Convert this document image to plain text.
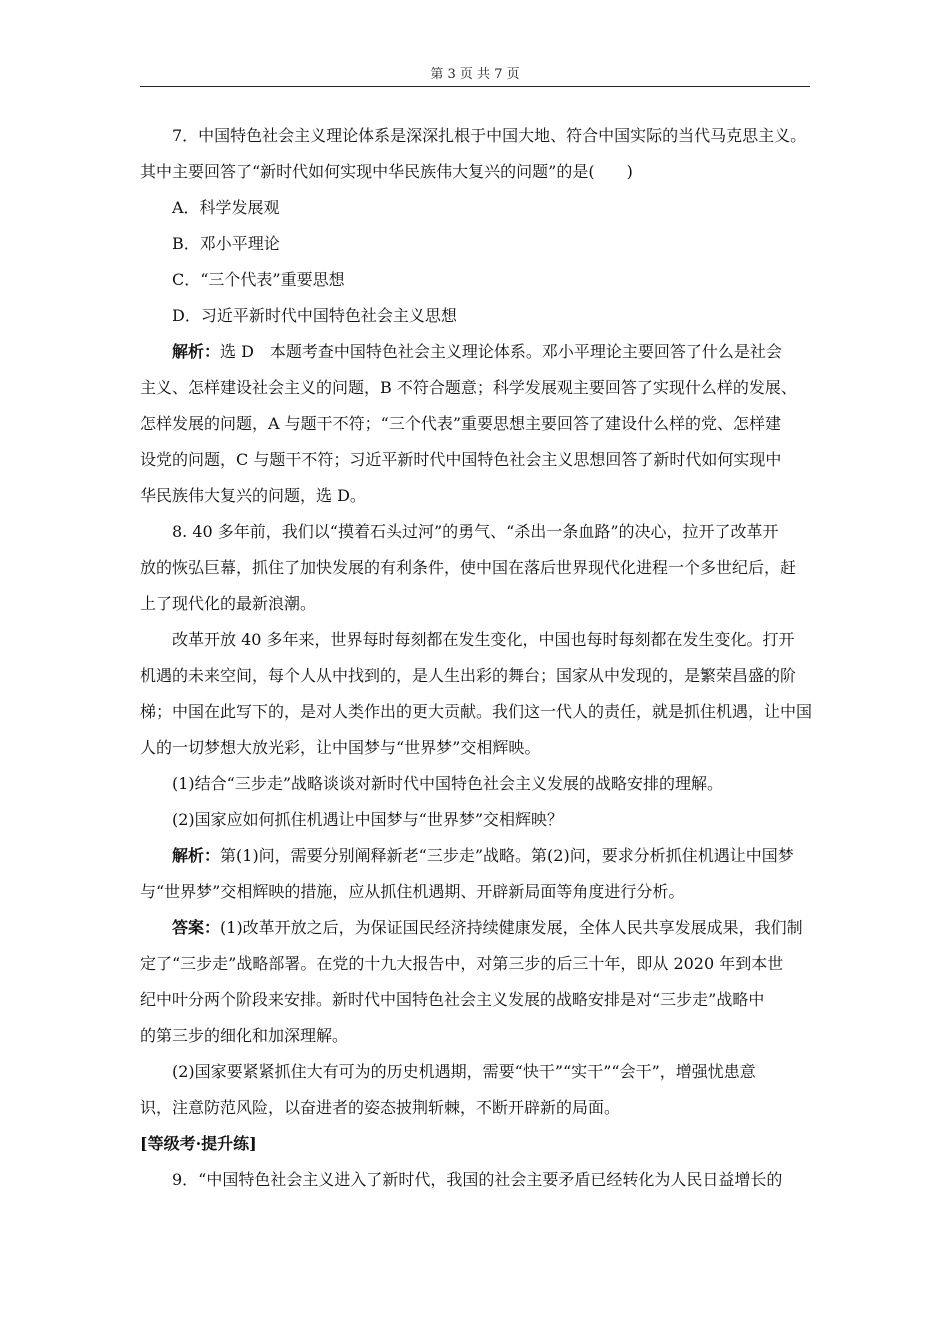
第 3 页 共 7 页

7．中国特色社会主义理论体系是深深扎根于中国大地、符合中国实际的当代马克思主义。

其中主要回答了“新时代如何实现中华民族伟大复兴的问题”的是(　　)

A．科学发展观

B．邓小平理论

C．“三个代表”重要思想

D．习近平新时代中国特色社会主义思想

解析：选 D　本题考查中国特色社会主义理论体系。邓小平理论主要回答了什么是社会

主义、怎样建设社会主义的问题，B 不符合题意；科学发展观主要回答了实现什么样的发展、

怎样发展的问题，A 与题干不符；“三个代表”重要思想主要回答了建设什么样的党、怎样建

设党的问题，C 与题干不符；习近平新时代中国特色社会主义思想回答了新时代如何实现中

华民族伟大复兴的问题，选 D。

8. 40 多年前，我们以“摸着石头过河”的勇气、“杀出一条血路”的决心，拉开了改革开

放的恢弘巨幕，抓住了加快发展的有利条件，使中国在落后世界现代化进程一个多世纪后，赶

上了现代化的最新浪潮。

改革开放 40 多年来，世界每时每刻都在发生变化，中国也每时每刻都在发生变化。打开

机遇的未来空间，每个人从中找到的，是人生出彩的舞台；国家从中发现的，是繁荣昌盛的阶

梯；中国在此写下的，是对人类作出的更大贡献。我们这一代人的责任，就是抓住机遇，让中国

人的一切梦想大放光彩，让中国梦与“世界梦”交相辉映。

(1)结合“三步走”战略谈谈对新时代中国特色社会主义发展的战略安排的理解。

(2)国家应如何抓住机遇让中国梦与“世界梦”交相辉映？

解析：第(1)问，需要分别阐释新老“三步走”战略。第(2)问，要求分析抓住机遇让中国梦

与“世界梦”交相辉映的措施，应从抓住机遇期、开辟新局面等角度进行分析。

答案：(1)改革开放之后，为保证国民经济持续健康发展，全体人民共享发展成果，我们制

定了“三步走”战略部署。在党的十九大报告中，对第三步的后三十年，即从 2020 年到本世

纪中叶分两个阶段来安排。新时代中国特色社会主义发展的战略安排是对“三步走”战略中

的第三步的细化和加深理解。

(2)国家要紧紧抓住大有可为的历史机遇期，需要“快干”“实干”“会干”，增强忧患意

识，注意防范风险，以奋进者的姿态披荆斩棘，不断开辟新的局面。

[等级考·提升练]

9．“中国特色社会主义进入了新时代，我国的社会主要矛盾已经转化为人民日益增长的
